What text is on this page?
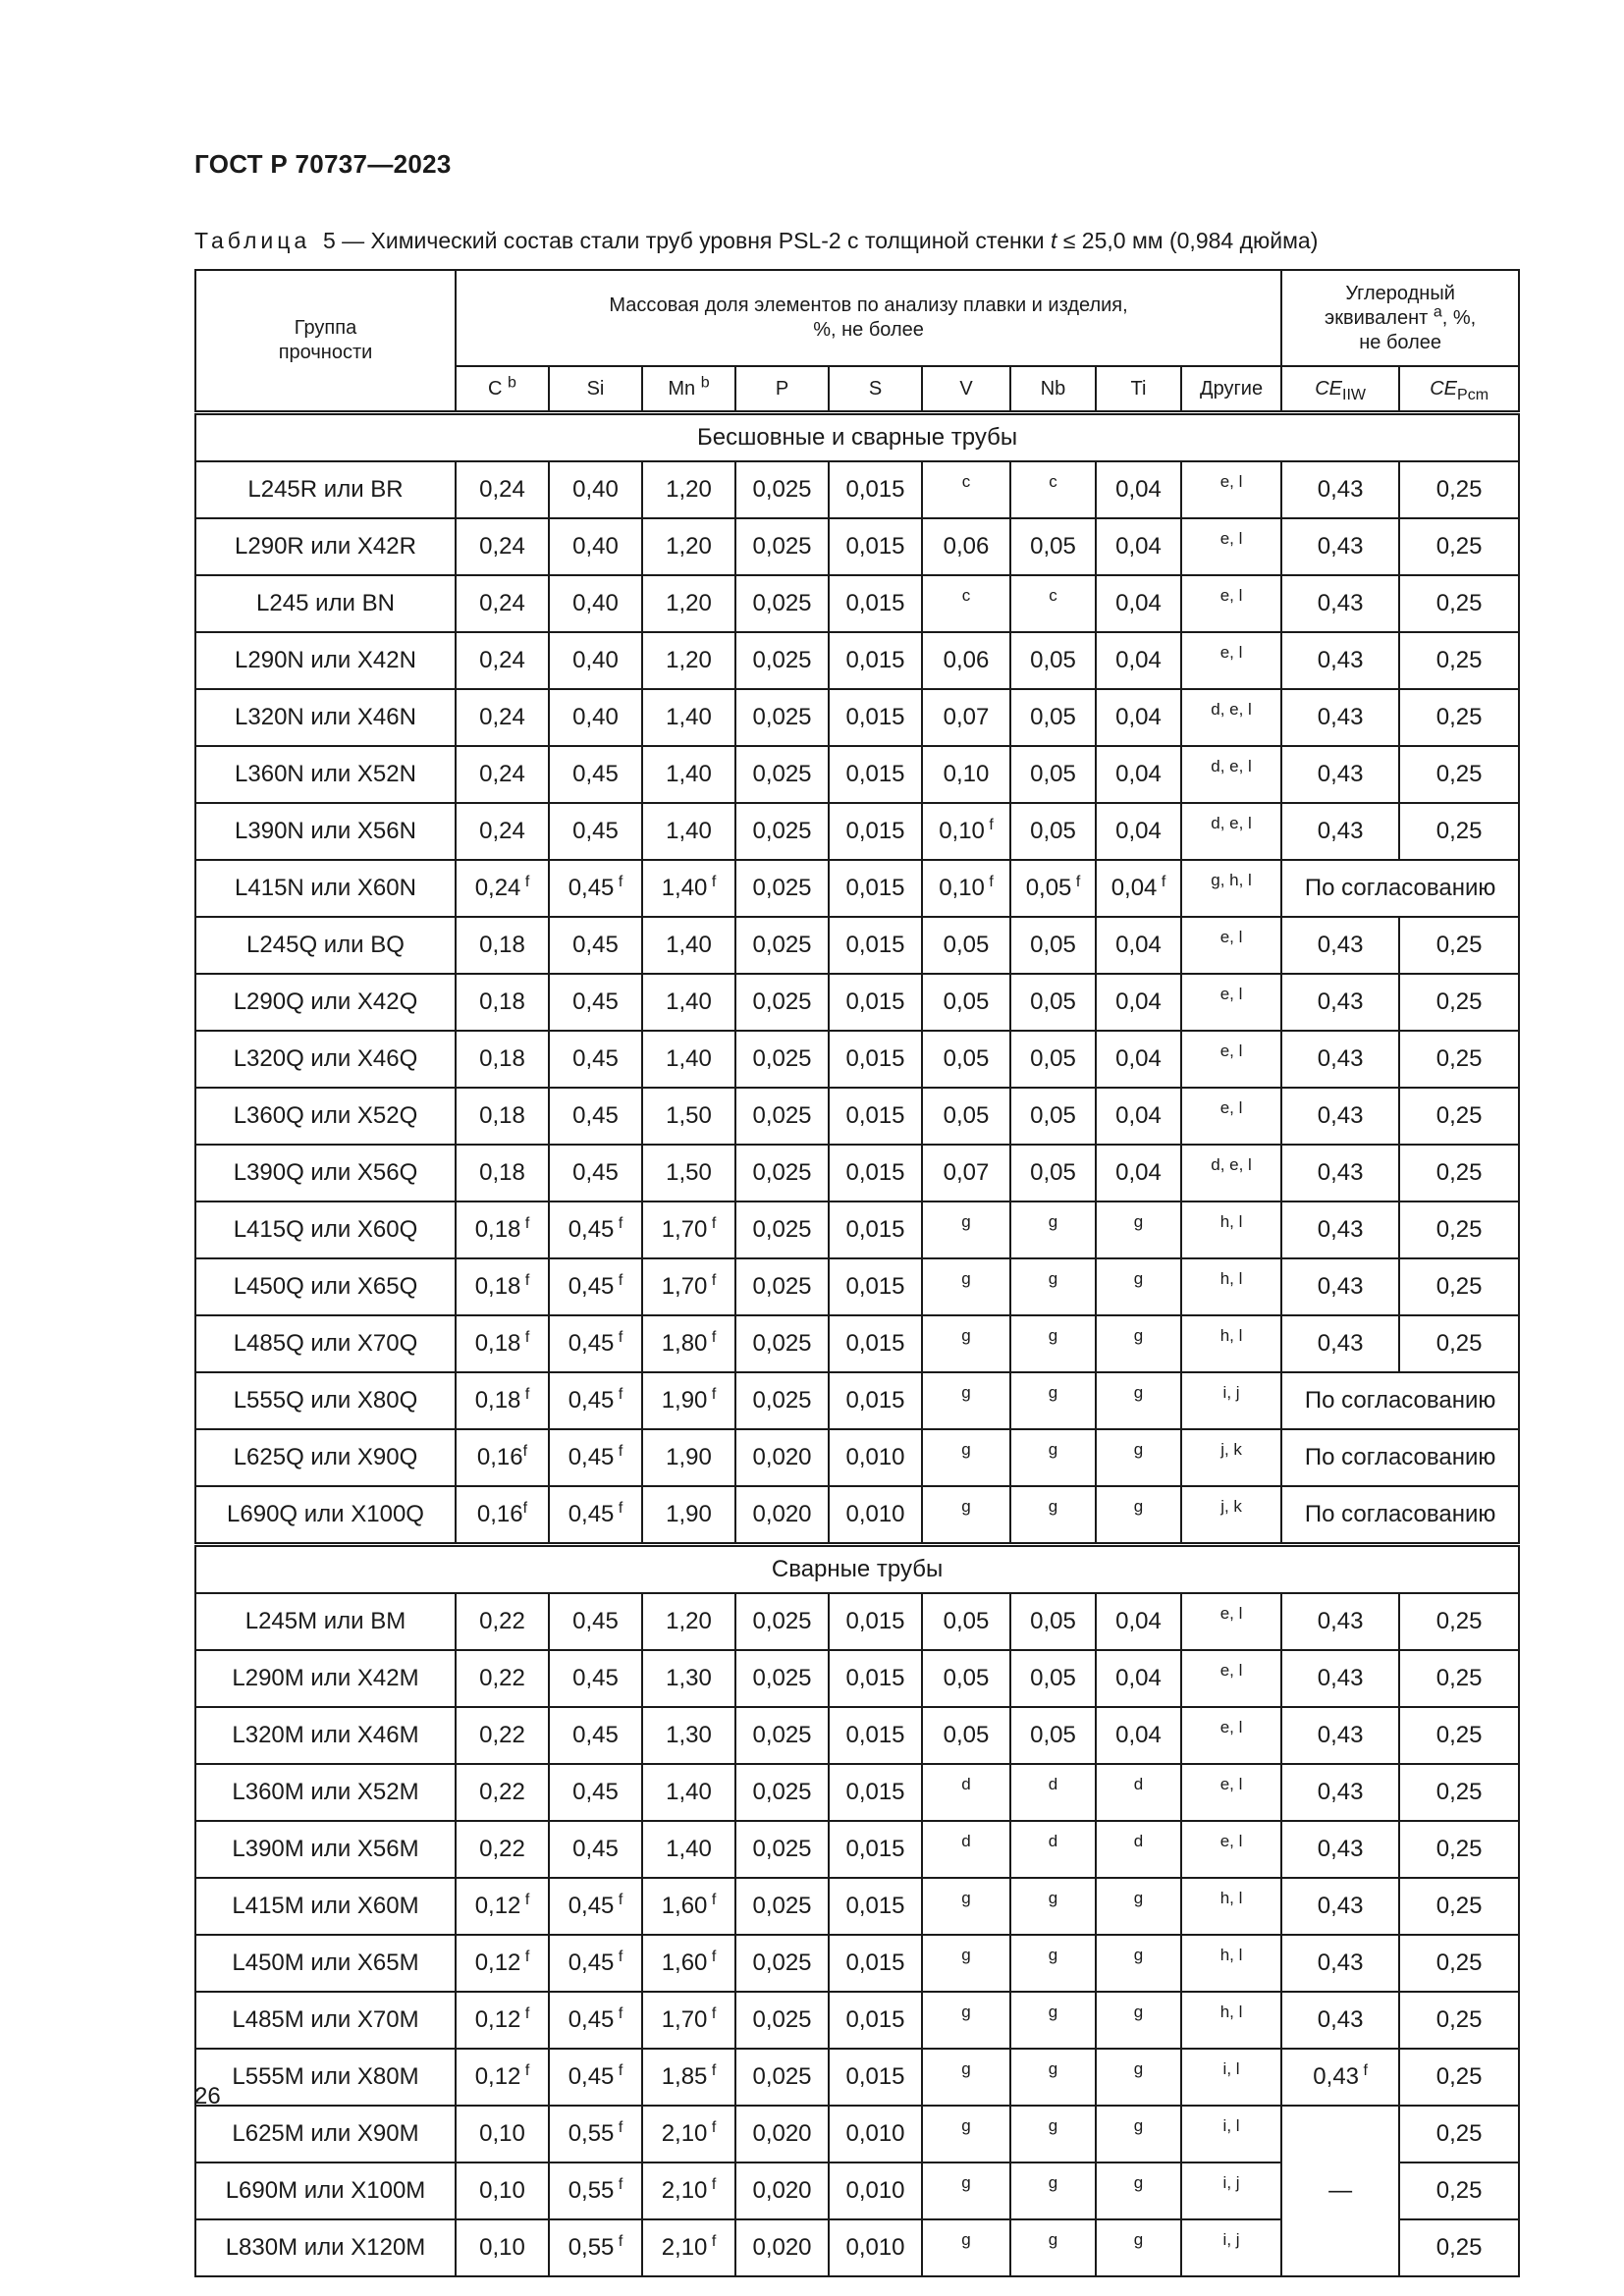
ГОСТ Р 70737—2023
Таблица 5 — Химический состав стали труб уровня PSL-2 с толщиной стенки t ≤ 25,0 мм (0,984 дюйма)
Группа прочности	Массовая доля элементов по анализу плавки и изделия,
%, не более									Углеродный
эквивалент $^a$, %,
не более	
	C $^b$	Si	Mn $^b$	P	S	V	Nb	Ti	Другие	$CE_{IIW}$	$CE_{Pcm}$
Бесшовные и сварные трубы											
L245R или BR	0,24	0,40	1,20	0,025	0,015	c	c	0,04	e, l	0,43	0,25
L290R или X42R	0,24	0,40	1,20	0,025	0,015	0,06	0,05	0,04	e, l	0,43	0,25
L245 или BN	0,24	0,40	1,20	0,025	0,015	c	c	0,04	e, l	0,43	0,25
L290N или X42N	0,24	0,40	1,20	0,025	0,015	0,06	0,05	0,04	e, l	0,43	0,25
L320N или X46N	0,24	0,40	1,40	0,025	0,015	0,07	0,05	0,04	d, e, l	0,43	0,25
L360N или X52N	0,24	0,45	1,40	0,025	0,015	0,10	0,05	0,04	d, e, l	0,43	0,25
L390N или X56N	0,24	0,45	1,40	0,025	0,015	0,10 $^f$	0,05	0,04	d, e, l	0,43	0,25
L415N или X60N	0,24 $^f$	0,45 $^f$	1,40 $^f$	0,025	0,015	0,10 $^f$	0,05 $^f$	0,04 $^f$	g, h, l	По согласованию	
L245Q или BQ	0,18	0,45	1,40	0,025	0,015	0,05	0,05	0,04	e, l	0,43	0,25
L290Q или X42Q	0,18	0,45	1,40	0,025	0,015	0,05	0,05	0,04	e, l	0,43	0,25
L320Q или X46Q	0,18	0,45	1,40	0,025	0,015	0,05	0,05	0,04	e, l	0,43	0,25
L360Q или X52Q	0,18	0,45	1,50	0,025	0,015	0,05	0,05	0,04	e, l	0,43	0,25
L390Q или X56Q	0,18	0,45	1,50	0,025	0,015	0,07	0,05	0,04	d, e, l	0,43	0,25
L415Q или X60Q	0,18 $^f$	0,45 $^f$	1,70 $^f$	0,025	0,015	g	g	g	h, l	0,43	0,25
L450Q или X65Q	0,18 $^f$	0,45 $^f$	1,70 $^f$	0,025	0,015	g	g	g	h, l	0,43	0,25
L485Q или X70Q	0,18 $^f$	0,45 $^f$	1,80 $^f$	0,025	0,015	g	g	g	h, l	0,43	0,25
L555Q или X80Q	0,18 $^f$	0,45 $^f$	1,90 $^f$	0,025	0,015	g	g	g	i, j	По согласованию	
L625Q или X90Q	0,16$^f$	0,45 $^f$	1,90	0,020	0,010	g	g	g	j, k	По согласованию	
L690Q или X100Q	0,16$^f$	0,45 $^f$	1,90	0,020	0,010	g	g	g	j, k	По согласованию	
Сварные трубы											
L245M или BM	0,22	0,45	1,20	0,025	0,015	0,05	0,05	0,04	e, l	0,43	0,25
L290M или X42M	0,22	0,45	1,30	0,025	0,015	0,05	0,05	0,04	e, l	0,43	0,25
L320M или X46M	0,22	0,45	1,30	0,025	0,015	0,05	0,05	0,04	e, l	0,43	0,25
L360M или X52M	0,22	0,45	1,40	0,025	0,015	d	d	d	e, l	0,43	0,25
L390M или X56M	0,22	0,45	1,40	0,025	0,015	d	d	d	e, l	0,43	0,25
L415M или X60M	0,12 $^f$	0,45 $^f$	1,60 $^f$	0,025	0,015	g	g	g	h, l	0,43	0,25
L450M или X65M	0,12 $^f$	0,45 $^f$	1,60 $^f$	0,025	0,015	g	g	g	h, l	0,43	0,25
L485M или X70M	0,12 $^f$	0,45 $^f$	1,70 $^f$	0,025	0,015	g	g	g	h, l	0,43	0,25
L555M или X80M	0,12 $^f$	0,45 $^f$	1,85 $^f$	0,025	0,015	g	g	g	i, l	0,43 $^f$	0,25
L625M или X90M	0,10	0,55 $^f$	2,10 $^f$	0,020	0,010	g	g	g	i, l	—	0,25
L690M или X100M	0,10	0,55 $^f$	2,10 $^f$	0,020	0,010	g	g	g	i, j		0,25
L830M или X120M	0,10	0,55 $^f$	2,10 $^f$	0,020	0,010	g	g	g	i, j		0,25
26
